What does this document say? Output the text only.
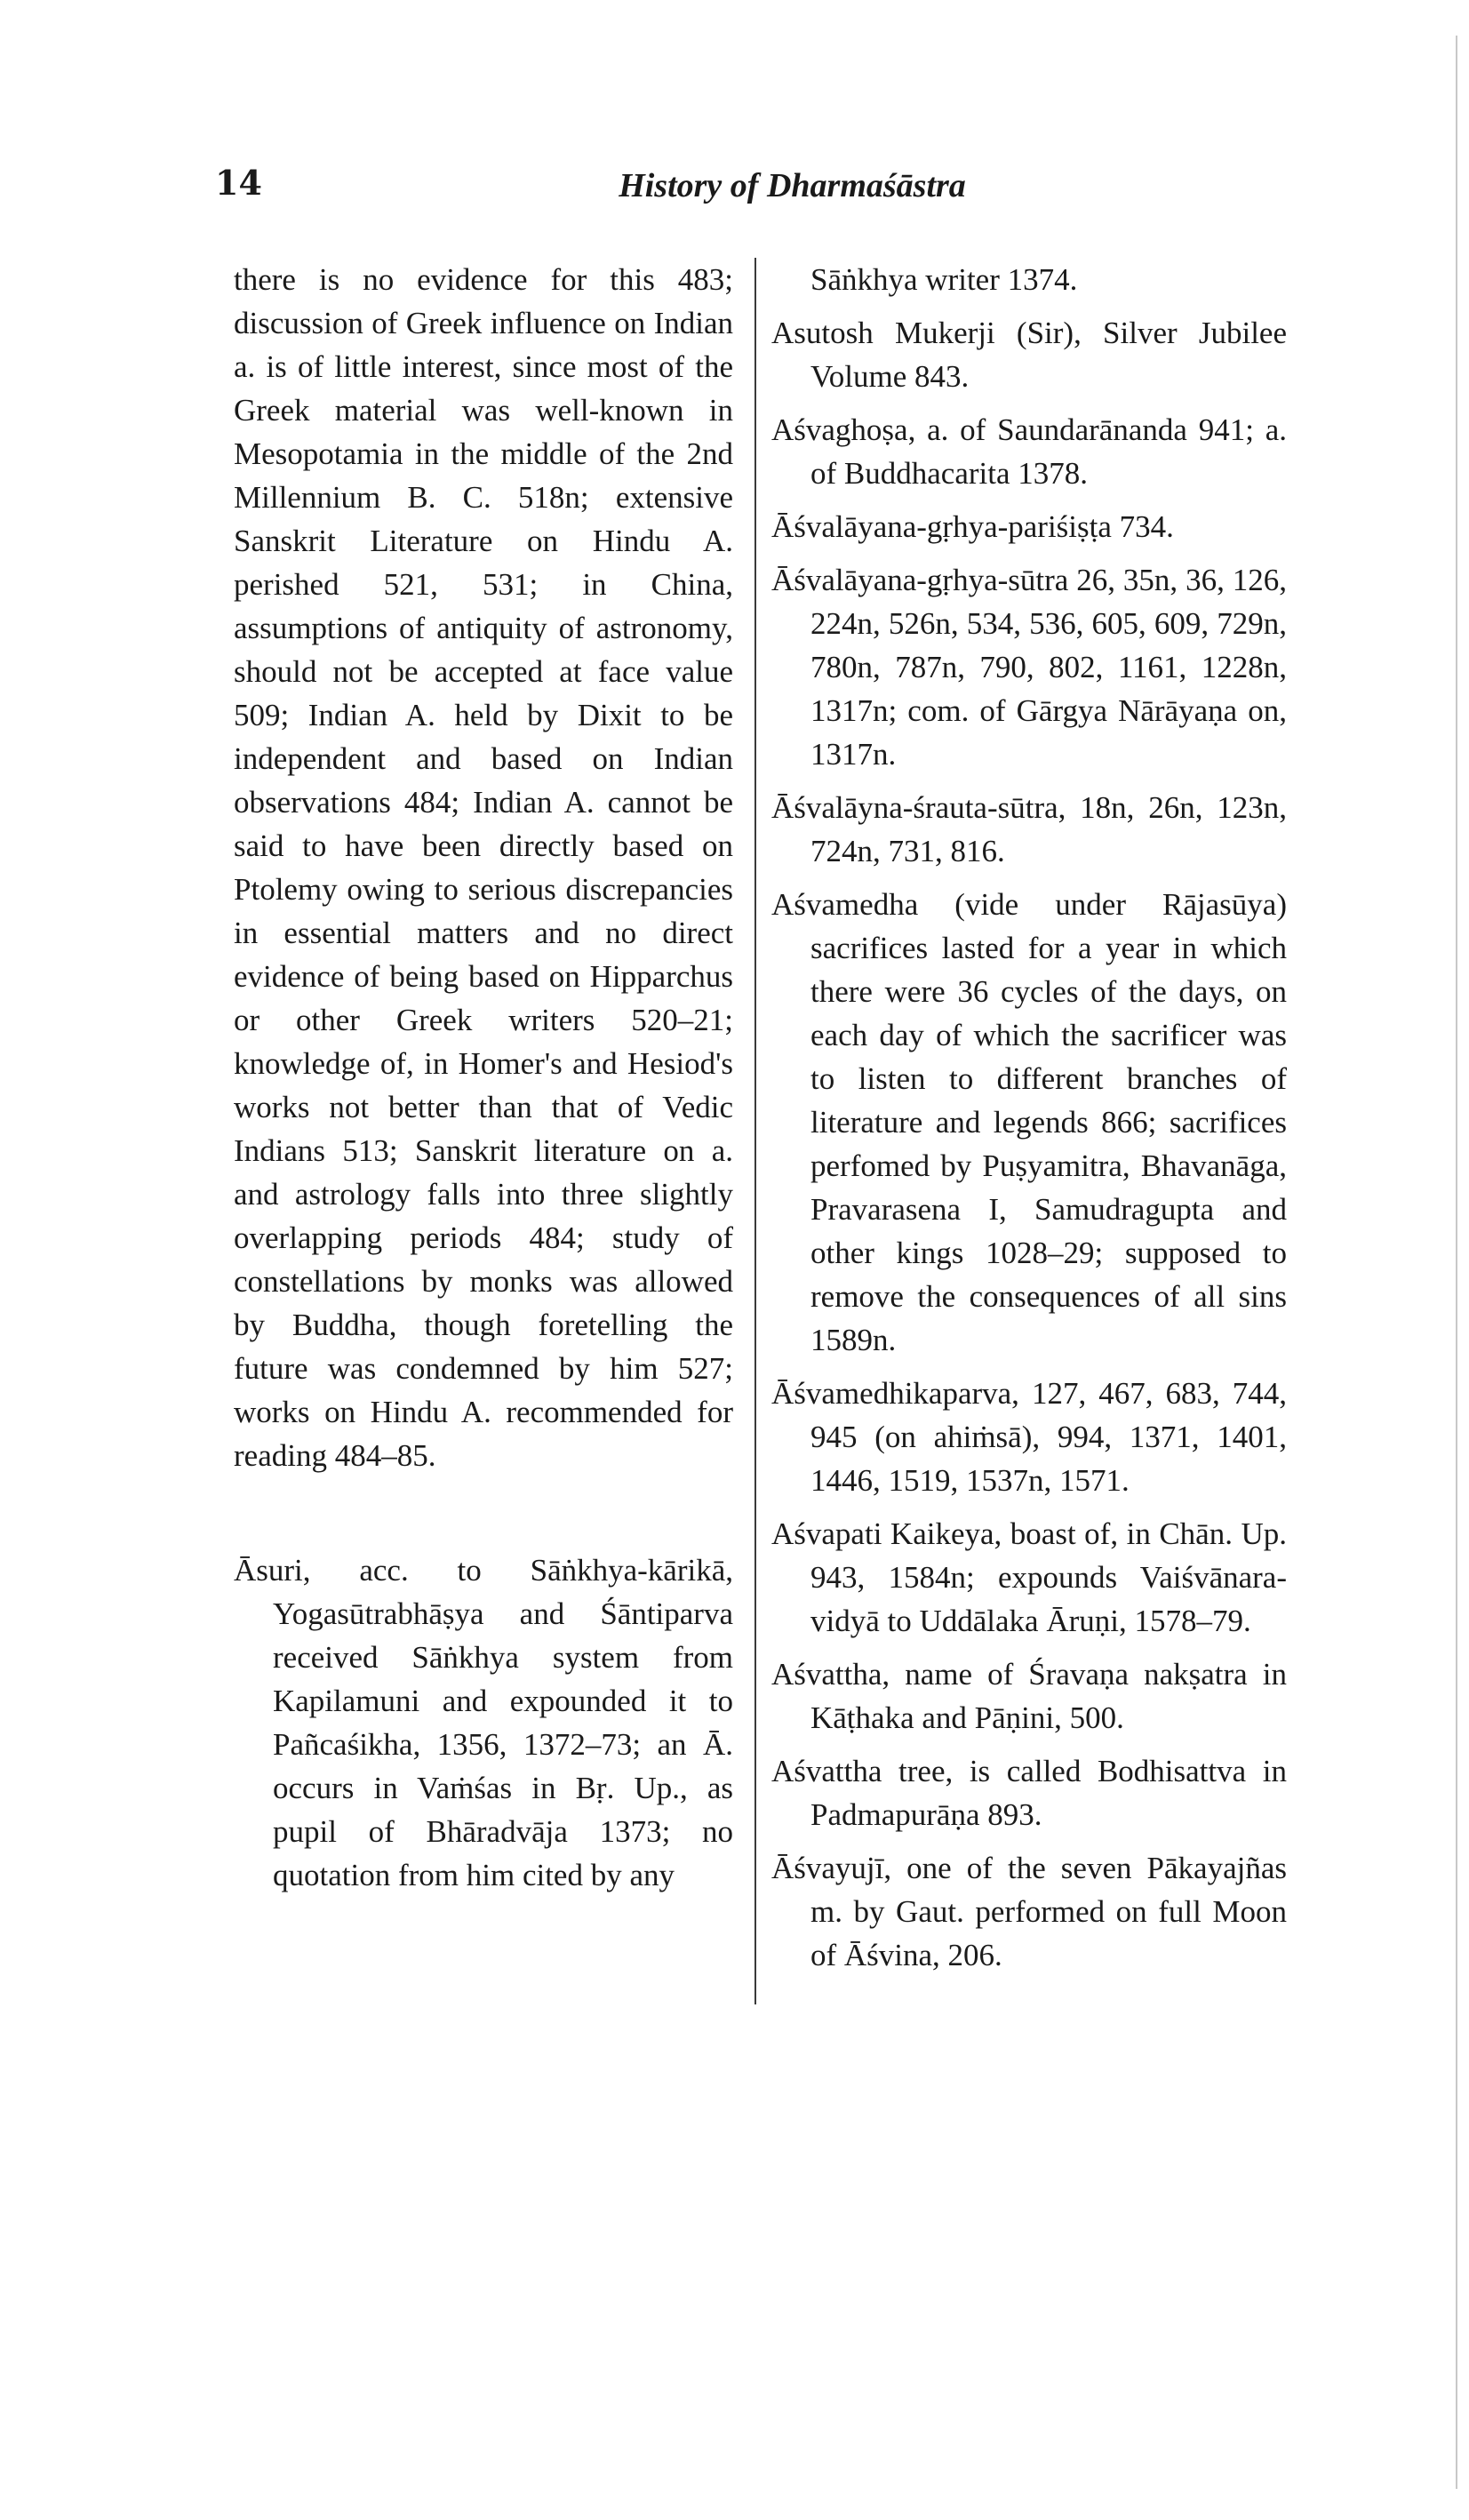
14	History of Dharmaśāstra

there is no evidence for this 483; discussion of Greek influence on Indian a. is of little interest, since most of the Greek material was well-known in Mesopotamia in the middle of the 2nd Millennium B. C. 518n; extensive Sanskrit Literature on Hindu A. perished 521, 531; in China, assumptions of antiquity of astronomy, should not be accepted at face value 509; Indian A. held by Dixit to be independent and based on Indian observations 484; Indian A. cannot be said to have been directly based on Ptolemy owing to serious discrepancies in essential matters and no direct evidence of being based on Hipparchus or other Greek writers 520–21; knowledge of, in Homer's and Hesiod's works not better than that of Vedic Indians 513; Sanskrit literature on a. and astrology falls into three slightly overlapping periods 484; study of constellations by monks was allowed by Buddha, though foretelling the future was condemned by him 527; works on Hindu A. recommended for reading 484–85.

Āsuri, acc. to Sāṅkhya-kārikā, Yogasūtrabhāṣya and Śāntiparva received Sāṅkhya system from Kapilamuni and expounded it to Pañcaśikha, 1356, 1372–73; an Ā. occurs in Vaṁśas in Bṛ. Up., as pupil of Bhāradvāja 1373; no quotation from him cited by any

Sāṅkhya writer 1374.

Asutosh Mukerji (Sir), Silver Jubilee Volume 843.

Aśvaghoṣa, a. of Saundarānanda 941; a. of Buddhacarita 1378.

Āśvalāyana-gṛhya-pariśiṣṭa 734.

Āśvalāyana-gṛhya-sūtra 26, 35n, 36, 126, 224n, 526n, 534, 536, 605, 609, 729n, 780n, 787n, 790, 802, 1161, 1228n, 1317n; com. of Gārgya Nārāyaṇa on, 1317n.

Āśvalāyna-śrauta-sūtra, 18n, 26n, 123n, 724n, 731, 816.

Aśvamedha (vide under Rājasūya) sacrifices lasted for a year in which there were 36 cycles of the days, on each day of which the sacrificer was to listen to different branches of literature and legends 866; sacrifices perfomed by Puṣyamitra, Bhavanāga, Pravarasena I, Samudragupta and other kings 1028–29; supposed to remove the consequences of all sins 1589n.

Āśvamedhikaparva, 127, 467, 683, 744, 945 (on ahiṁsā), 994, 1371, 1401, 1446, 1519, 1537n, 1571.

Aśvapati Kaikeya, boast of, in Chān. Up. 943, 1584n; expounds Vaiśvānara-vidyā to Uddālaka Āruṇi, 1578–79.

Aśvattha, name of Śravaṇa nakṣatra in Kāṭhaka and Pāṇini, 500.

Aśvattha tree, is called Bodhisattva in Padmapurāṇa 893.

Āśvayujī, one of the seven Pākayajñas m. by Gaut. performed on full Moon of Āśvina, 206.
